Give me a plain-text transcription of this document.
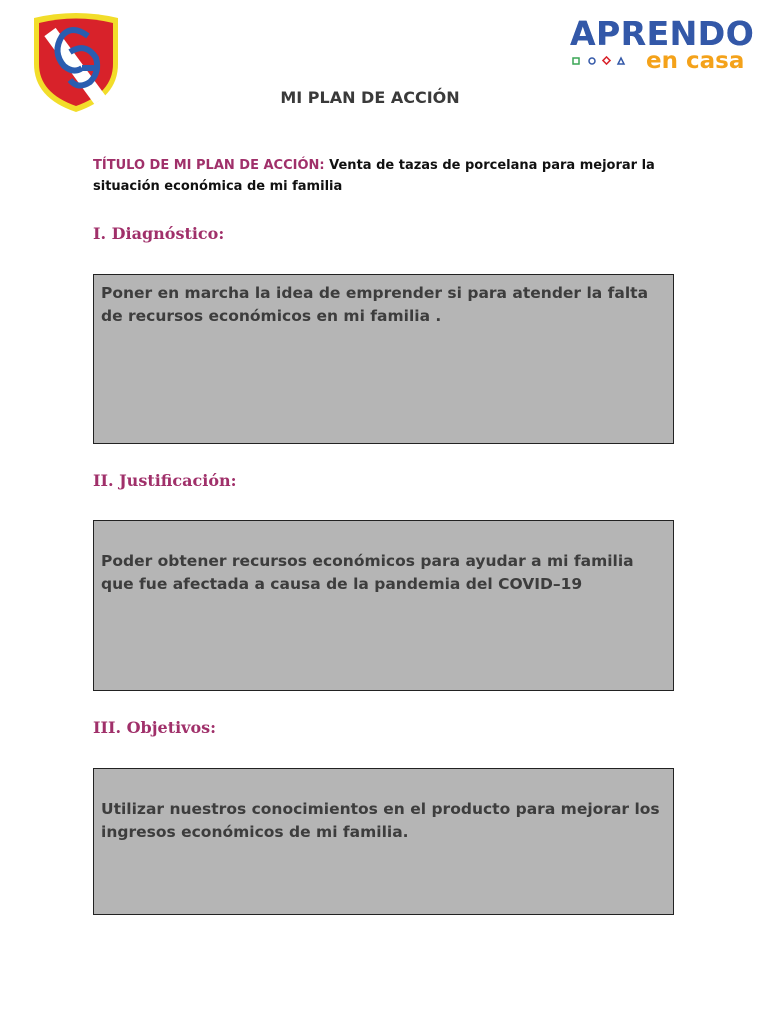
APRENDO
en casa
MI PLAN DE ACCIÓN
TÍTULO DE MI PLAN DE ACCIÓN: Venta de tazas de porcelana para mejorar la situación económica de mi familia
I. Diagnóstico:
Poner en marcha la idea de emprender si para atender la falta de recursos económicos en mi familia .
II. Justificación:
Poder obtener recursos económicos para ayudar a mi familia que fue afectada a causa de la pandemia del COVID–19
III. Objetivos:
Utilizar nuestros conocimientos en el producto para mejorar los ingresos económicos de mi familia.
